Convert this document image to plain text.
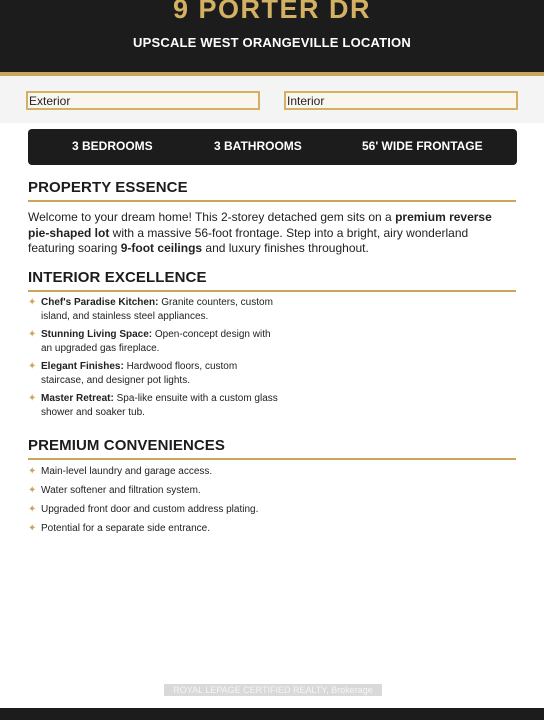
9 PORTER DR
UPSCALE WEST ORANGEVILLE LOCATION
Exterior	Interior
3 BEDROOMS	3 BATHROOMS	56' WIDE FRONTAGE
PROPERTY ESSENCE

Welcome to your dream home! This 2-storey detached gem sits on a premium reverse pie-shaped lot with a massive 56-foot frontage. Step into a bright, airy wonderland featuring soaring 9-foot ceilings and luxury finishes throughout.

INTERIOR EXCELLENCE
✦ Chef's Paradise Kitchen: Granite counters, custom island, and stainless steel appliances.
✦ Stunning Living Space: Open-concept design with an upgraded gas fireplace.
✦ Elegant Finishes: Hardwood floors, custom staircase, and designer pot lights.
✦ Master Retreat: Spa-like ensuite with a custom glass shower and soaker tub.
PREMIUM CONVENIENCES
✦ Main-level laundry and garage access.
✦ Water softener and filtration system.
✦ Upgraded front door and custom address plating.
✦ Potential for a separate side entrance.
ROYAL LEPAGE CERTIFIED REALTY, Brokerage
